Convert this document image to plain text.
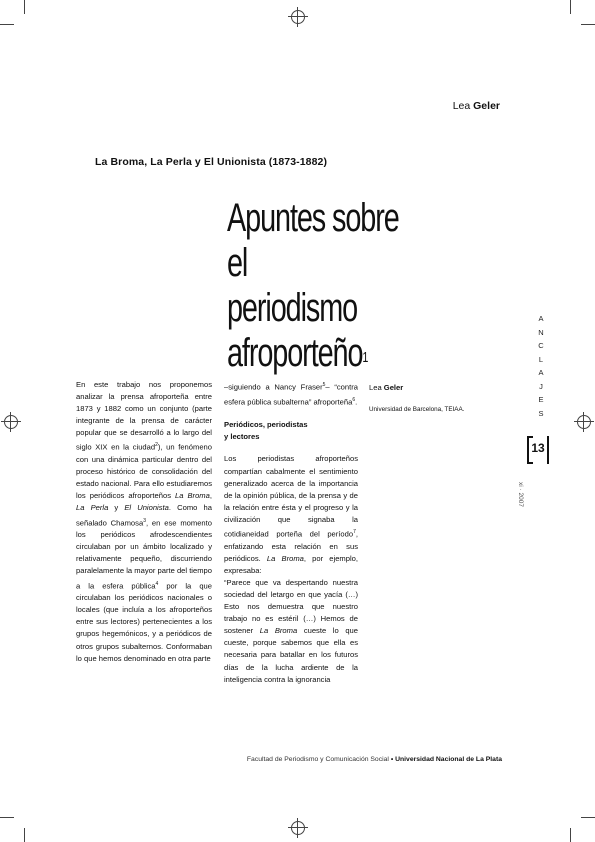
Lea Geler
La Broma, La Perla y El Unionista (1873-1882)
Apuntes sobre el
periodismo
afroporteño$^1$

En este trabajo nos proponemos analizar la prensa afroporteña entre 1873 y 1882 como un conjunto (parte integrante de la prensa de carácter popular que se desarrolló a lo largo del siglo XIX en la ciudad$^2$), un fenómeno con una dinámica particular dentro del proceso histórico de consolidación del estado nacional. Para ello estudiaremos los periódicos afroporteños La Broma, La Perla y El Unionista. Como ha señalado Chamosa$^3$, en ese momento los periódicos afrodescendientes circulaban por un ámbito localizado y relativamente pequeño, discurriendo paralelamente la mayor parte del tiempo a la esfera pública$^4$ por la que circulaban los periódicos nacionales o locales (que incluía a los afroporteños entre sus lectores) pertenecientes a los grupos hegemónicos, y a periódicos de otros grupos subalternos. Conformaban lo que hemos denominado en otra parte

–siguiendo a Nancy Fraser$^5$– “contra esfera pública subalterna” afroporteña$^6$.

Periódicos, periodistas
y lectores

Los periodistas afroporteños compartían cabalmente el sentimiento generalizado acerca de la importancia de la opinión pública, de la prensa y de la relación entre ésta y el progreso y la civilización que signaba la cotidianeidad porteña del período$^7$, enfatizando esta relación en sus periódicos. La Broma, por ejemplo, expresaba:

“Parece que va despertando nuestra sociedad del letargo en que yacía (…) Esto nos demuestra que nuestro trabajo no es estéril (…) Hemos de sostener La Broma cueste lo que cueste, porque sabemos que ella es necesaria para batallar en los futuros días de la lucha ardiente de la inteligencia contra la ignorancia

Lea Geler
Universidad de Barcelona, TEIAA.
A
N
C
L
A
J
E
S
13
xi · 2007
Facultad de Periodismo y Comunicación Social • Universidad Nacional de La Plata
